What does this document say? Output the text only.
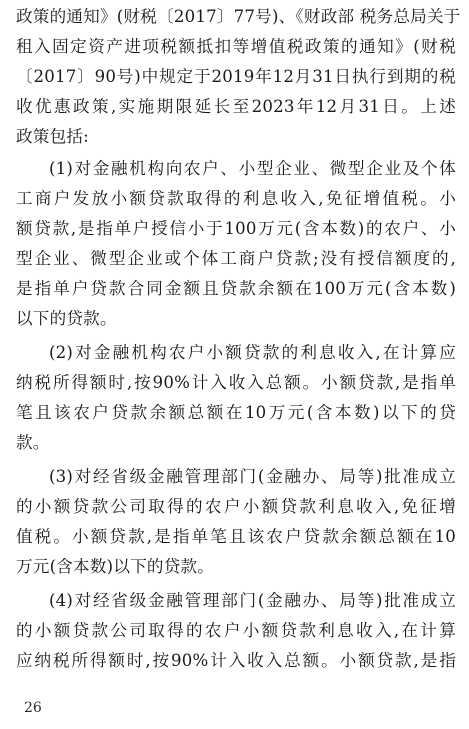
政策的通知》(财税〔2017〕77号)、《财政部 税务总局关于
租入固定资产进项税额抵扣等增值税政策的通知》(财税
〔2017〕90号)中规定于2019年12月31日执行到期的税
收优惠政策,实施期限延长至2023年12月31日。上述
政策包括:
(1)对金融机构向农户、小型企业、微型企业及个体
工商户发放小额贷款取得的利息收入,免征增值税。小
额贷款,是指单户授信小于100万元(含本数)的农户、小
型企业、微型企业或个体工商户贷款;没有授信额度的,
是指单户贷款合同金额且贷款余额在100万元(含本数)
以下的贷款。
(2)对金融机构农户小额贷款的利息收入,在计算应
纳税所得额时,按90%计入收入总额。小额贷款,是指单
笔且该农户贷款余额总额在10万元(含本数)以下的贷
款。
(3)对经省级金融管理部门(金融办、局等)批准成立
的小额贷款公司取得的农户小额贷款利息收入,免征增
值税。小额贷款,是指单笔且该农户贷款余额总额在10
万元(含本数)以下的贷款。
(4)对经省级金融管理部门(金融办、局等)批准成立
的小额贷款公司取得的农户小额贷款利息收入,在计算
应纳税所得额时,按90%计入收入总额。小额贷款,是指
26
